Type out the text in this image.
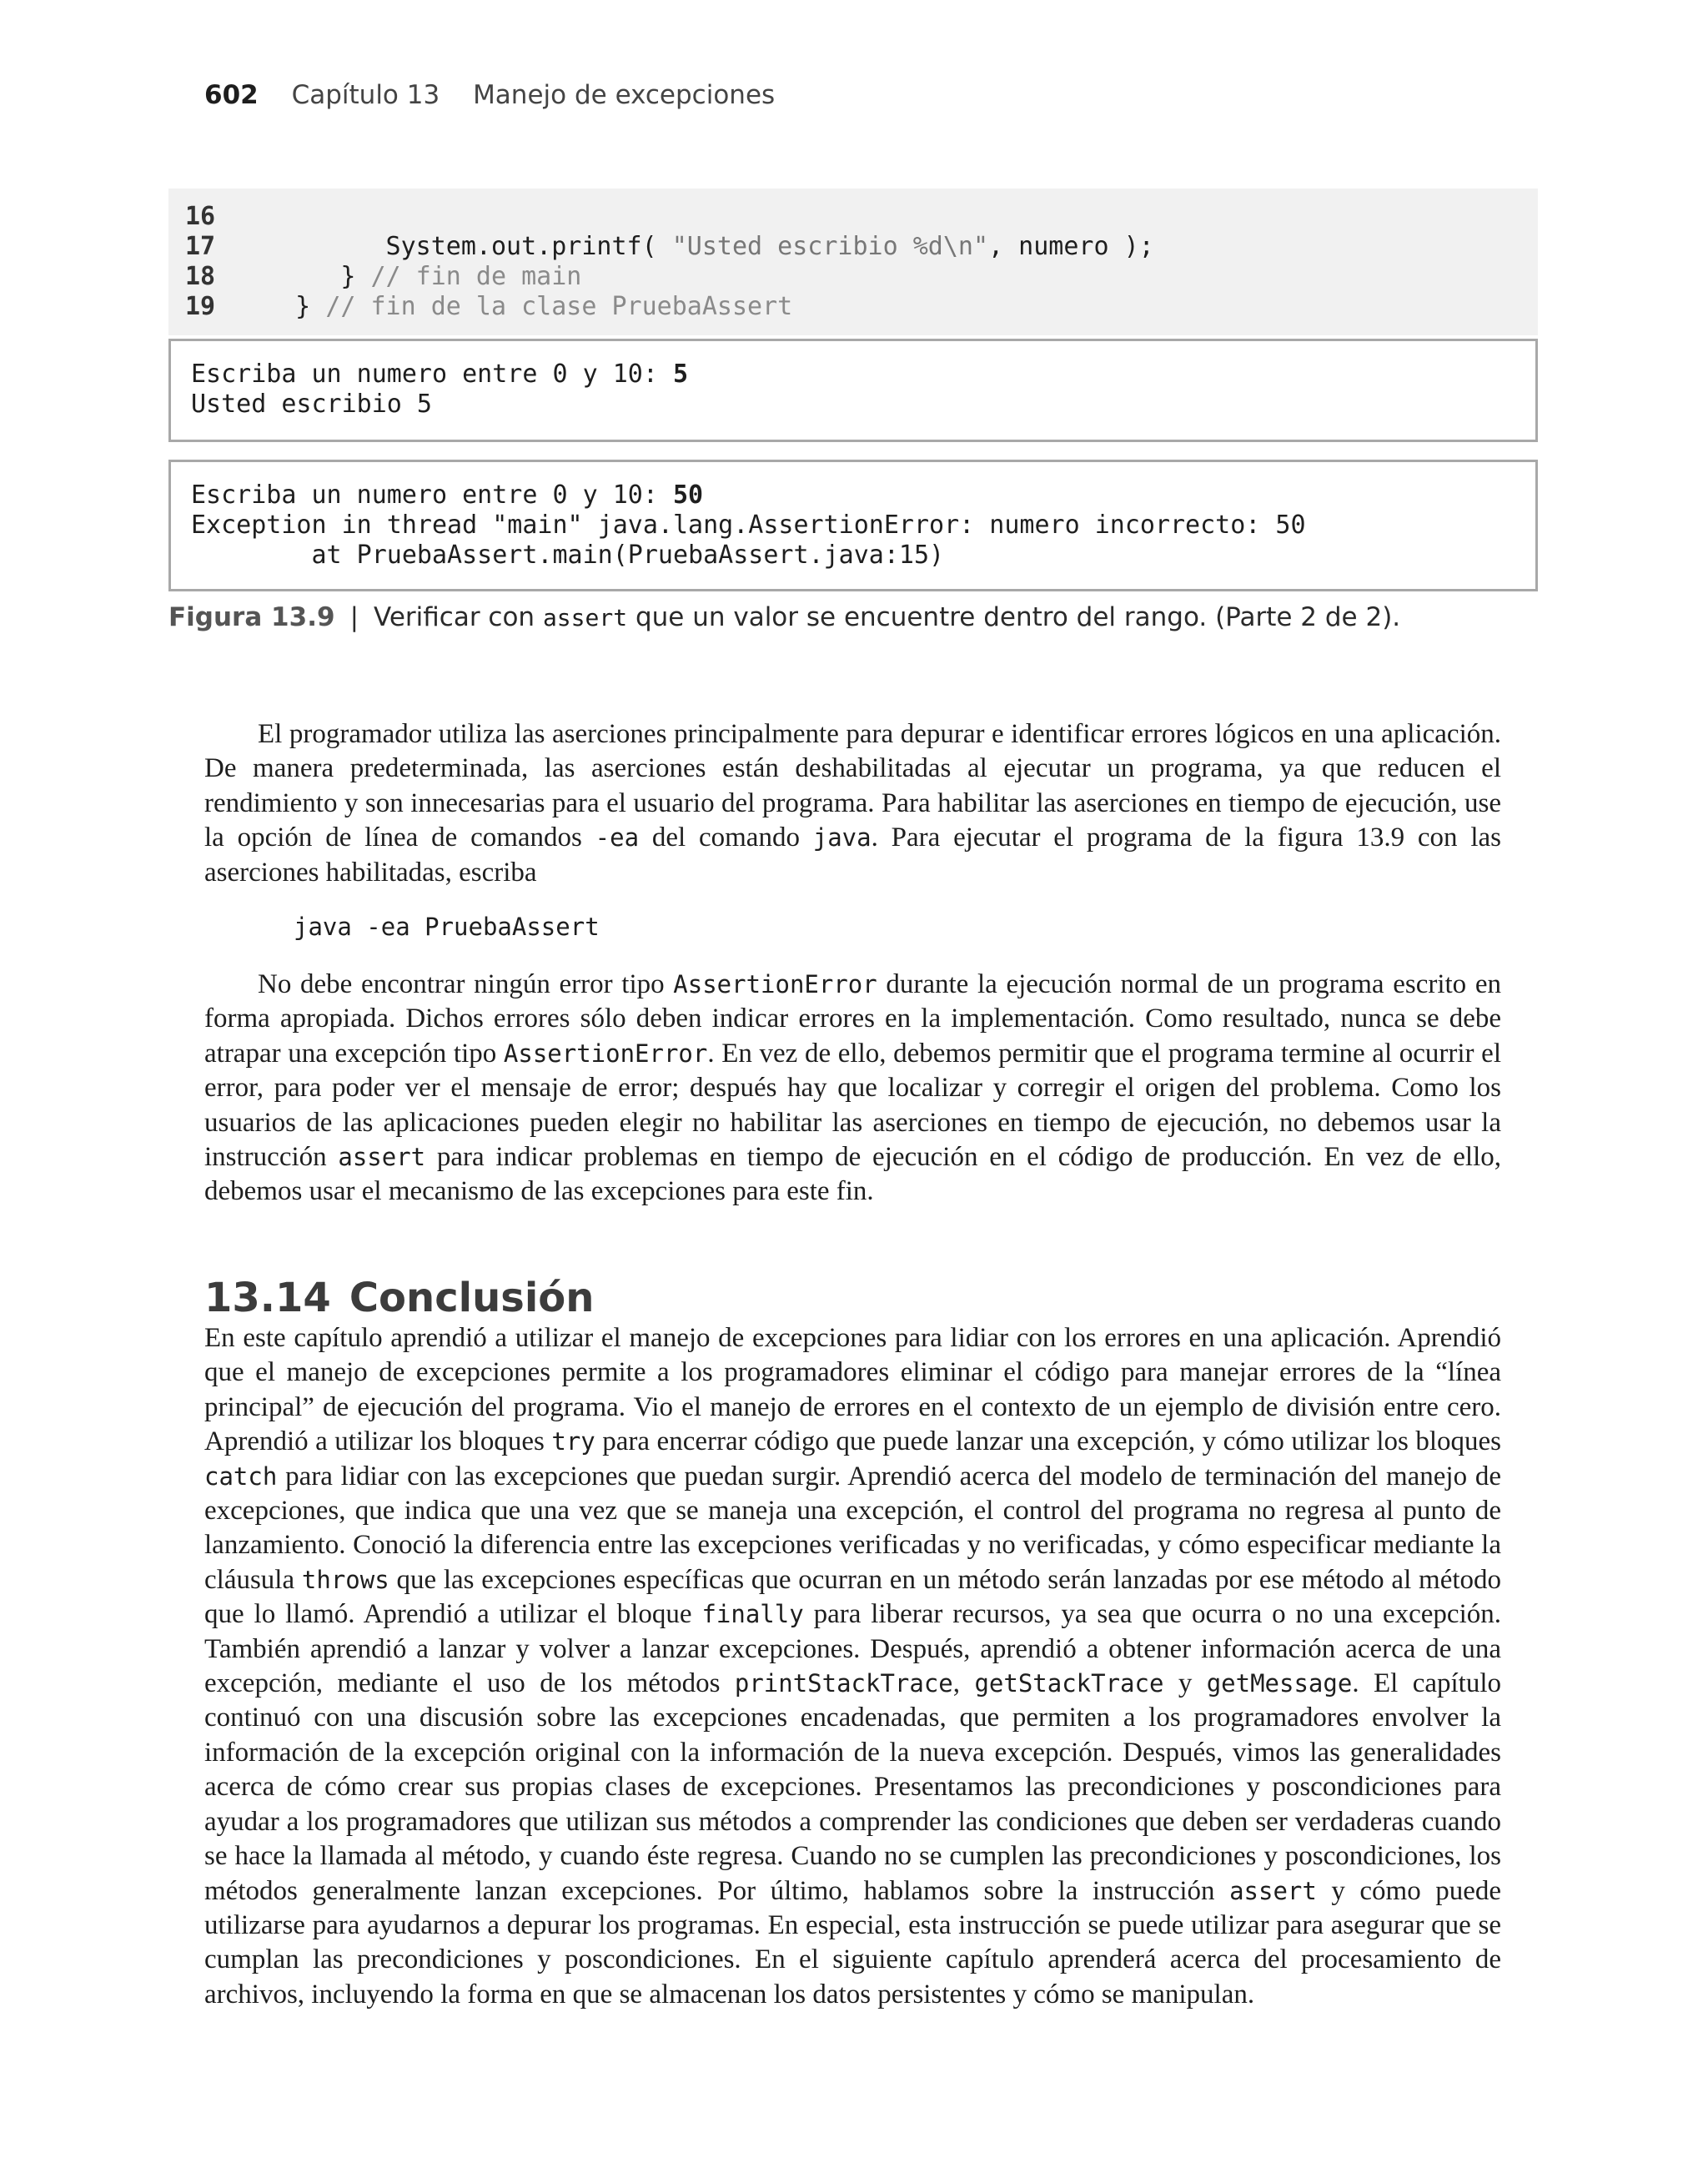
602 Capítulo 13 Manejo de excepciones
16
17 System.out.printf( "Usted escribio %d\n", numero );
18 } // fin de main
19 } // fin de la clase PruebaAssert
Escriba un numero entre 0 y 10: 5
Usted escribio 5
Escriba un numero entre 0 y 10: 50
Exception in thread "main" java.lang.AssertionError: numero incorrecto: 50
at PruebaAssert.main(PruebaAssert.java:15)
Figura 13.9 | Verificar con assert que un valor se encuentre dentro del rango. (Parte 2 de 2).

El programador utiliza las aserciones principalmente para depurar e identificar errores lógicos en una aplicación. De manera predeterminada, las aserciones están deshabilitadas al ejecutar un programa, ya que reducen el rendimiento y son innecesarias para el usuario del programa. Para habilitar las aserciones en tiempo de ejecución, use la opción de línea de comandos -ea del comando java. Para ejecutar el programa de la figura 13.9 con las aserciones habilitadas, escriba

java -ea PruebaAssert

No debe encontrar ningún error tipo AssertionError durante la ejecución normal de un programa escrito en forma apropiada. Dichos errores sólo deben indicar errores en la implementación. Como resultado, nunca se debe atrapar una excepción tipo AssertionError. En vez de ello, debemos permitir que el programa termine al ocurrir el error, para poder ver el mensaje de error; después hay que localizar y corregir el origen del problema. Como los usuarios de las aplicaciones pueden elegir no habilitar las aserciones en tiempo de ejecución, no debemos usar la instrucción assert para indicar problemas en tiempo de ejecución en el código de producción. En vez de ello, debemos usar el mecanismo de las excepciones para este fin.

13.14 Conclusión

En este capítulo aprendió a utilizar el manejo de excepciones para lidiar con los errores en una aplicación. Aprendió que el manejo de excepciones permite a los programadores eliminar el código para manejar errores de la “línea principal” de ejecución del programa. Vio el manejo de errores en el contexto de un ejemplo de división entre cero. Aprendió a utilizar los bloques try para encerrar código que puede lanzar una excepción, y cómo utilizar los bloques catch para lidiar con las excepciones que puedan surgir. Aprendió acerca del modelo de terminación del manejo de excepciones, que indica que una vez que se maneja una excepción, el control del programa no regresa al punto de lanzamiento. Conoció la diferencia entre las excepciones verificadas y no verificadas, y cómo especificar mediante la cláusula throws que las excepciones específicas que ocurran en un método serán lanzadas por ese método al método que lo llamó. Aprendió a utilizar el bloque finally para liberar recursos, ya sea que ocurra o no una excepción. También aprendió a lanzar y volver a lanzar excepciones. Después, aprendió a obtener información acerca de una excepción, mediante el uso de los métodos printStackTrace, getStackTrace y getMessage. El capítulo continuó con una discusión sobre las excepciones encadenadas, que permiten a los programadores envolver la información de la excepción original con la información de la nueva excepción. Después, vimos las generalidades acerca de cómo crear sus propias clases de excepciones. Presentamos las precondiciones y poscondiciones para ayudar a los programadores que utilizan sus métodos a comprender las condiciones que deben ser verdaderas cuando se hace la llamada al método, y cuando éste regresa. Cuando no se cumplen las precondiciones y poscondiciones, los métodos generalmente lanzan excepciones. Por último, hablamos sobre la instrucción assert y cómo puede utilizarse para ayudarnos a depurar los programas. En especial, esta instrucción se puede utilizar para asegurar que se cumplan las precondiciones y poscondiciones. En el siguiente capítulo aprenderá acerca del procesamiento de archivos, incluyendo la forma en que se almacenan los datos persistentes y cómo se manipulan.
